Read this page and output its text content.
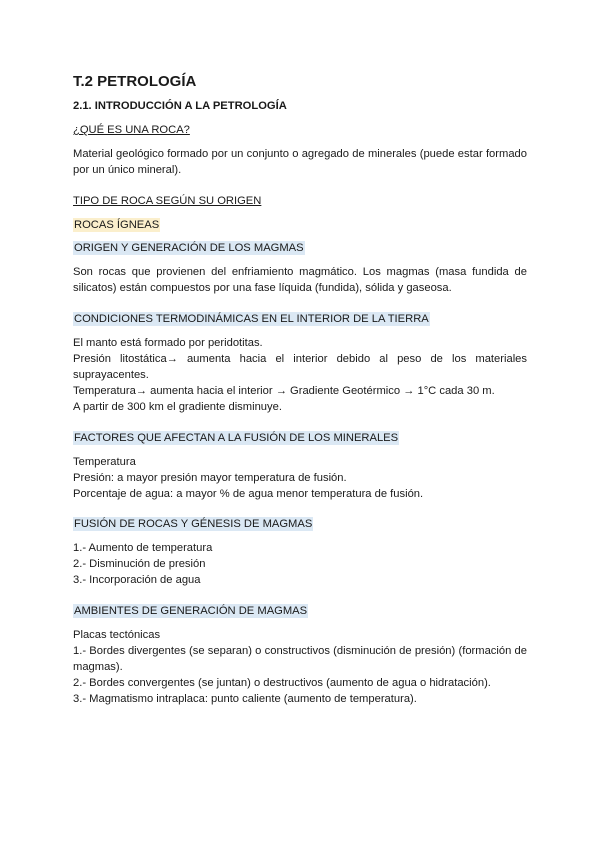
T.2 PETROLOGÍA

2.1. INTRODUCCIÓN A LA PETROLOGÍA

¿QUÉ ES UNA ROCA?

Material geológico formado por un conjunto o agregado de minerales (puede estar formado por un único mineral).

TIPO DE ROCA SEGÚN SU ORIGEN

ROCAS ÍGNEAS

ORIGEN Y GENERACIÓN DE LOS MAGMAS

Son rocas que provienen del enfriamiento magmático. Los magmas (masa fundida de silicatos) están compuestos por una fase líquida (fundida), sólida y gaseosa.

CONDICIONES TERMODINÁMICAS EN EL INTERIOR DE LA TIERRA

El manto está formado por peridotitas.
Presión litostática→ aumenta hacia el interior debido al peso de los materiales suprayacentes.
Temperatura→ aumenta hacia el interior → Gradiente Geotérmico → 1°C cada 30 m.
A partir de 300 km el gradiente disminuye.

FACTORES QUE AFECTAN A LA FUSIÓN DE LOS MINERALES

Temperatura
Presión: a mayor presión mayor temperatura de fusión.
Porcentaje de agua: a mayor % de agua menor temperatura de fusión.

FUSIÓN DE ROCAS Y GÉNESIS DE MAGMAS

1.- Aumento de temperatura
2.- Disminución de presión
3.- Incorporación de agua

AMBIENTES DE GENERACIÓN DE MAGMAS

Placas tectónicas
1.- Bordes divergentes (se separan) o constructivos (disminución de presión) (formación de magmas).
2.- Bordes convergentes (se juntan) o destructivos (aumento de agua o hidratación).
3.- Magmatismo intraplaca: punto caliente (aumento de temperatura).
